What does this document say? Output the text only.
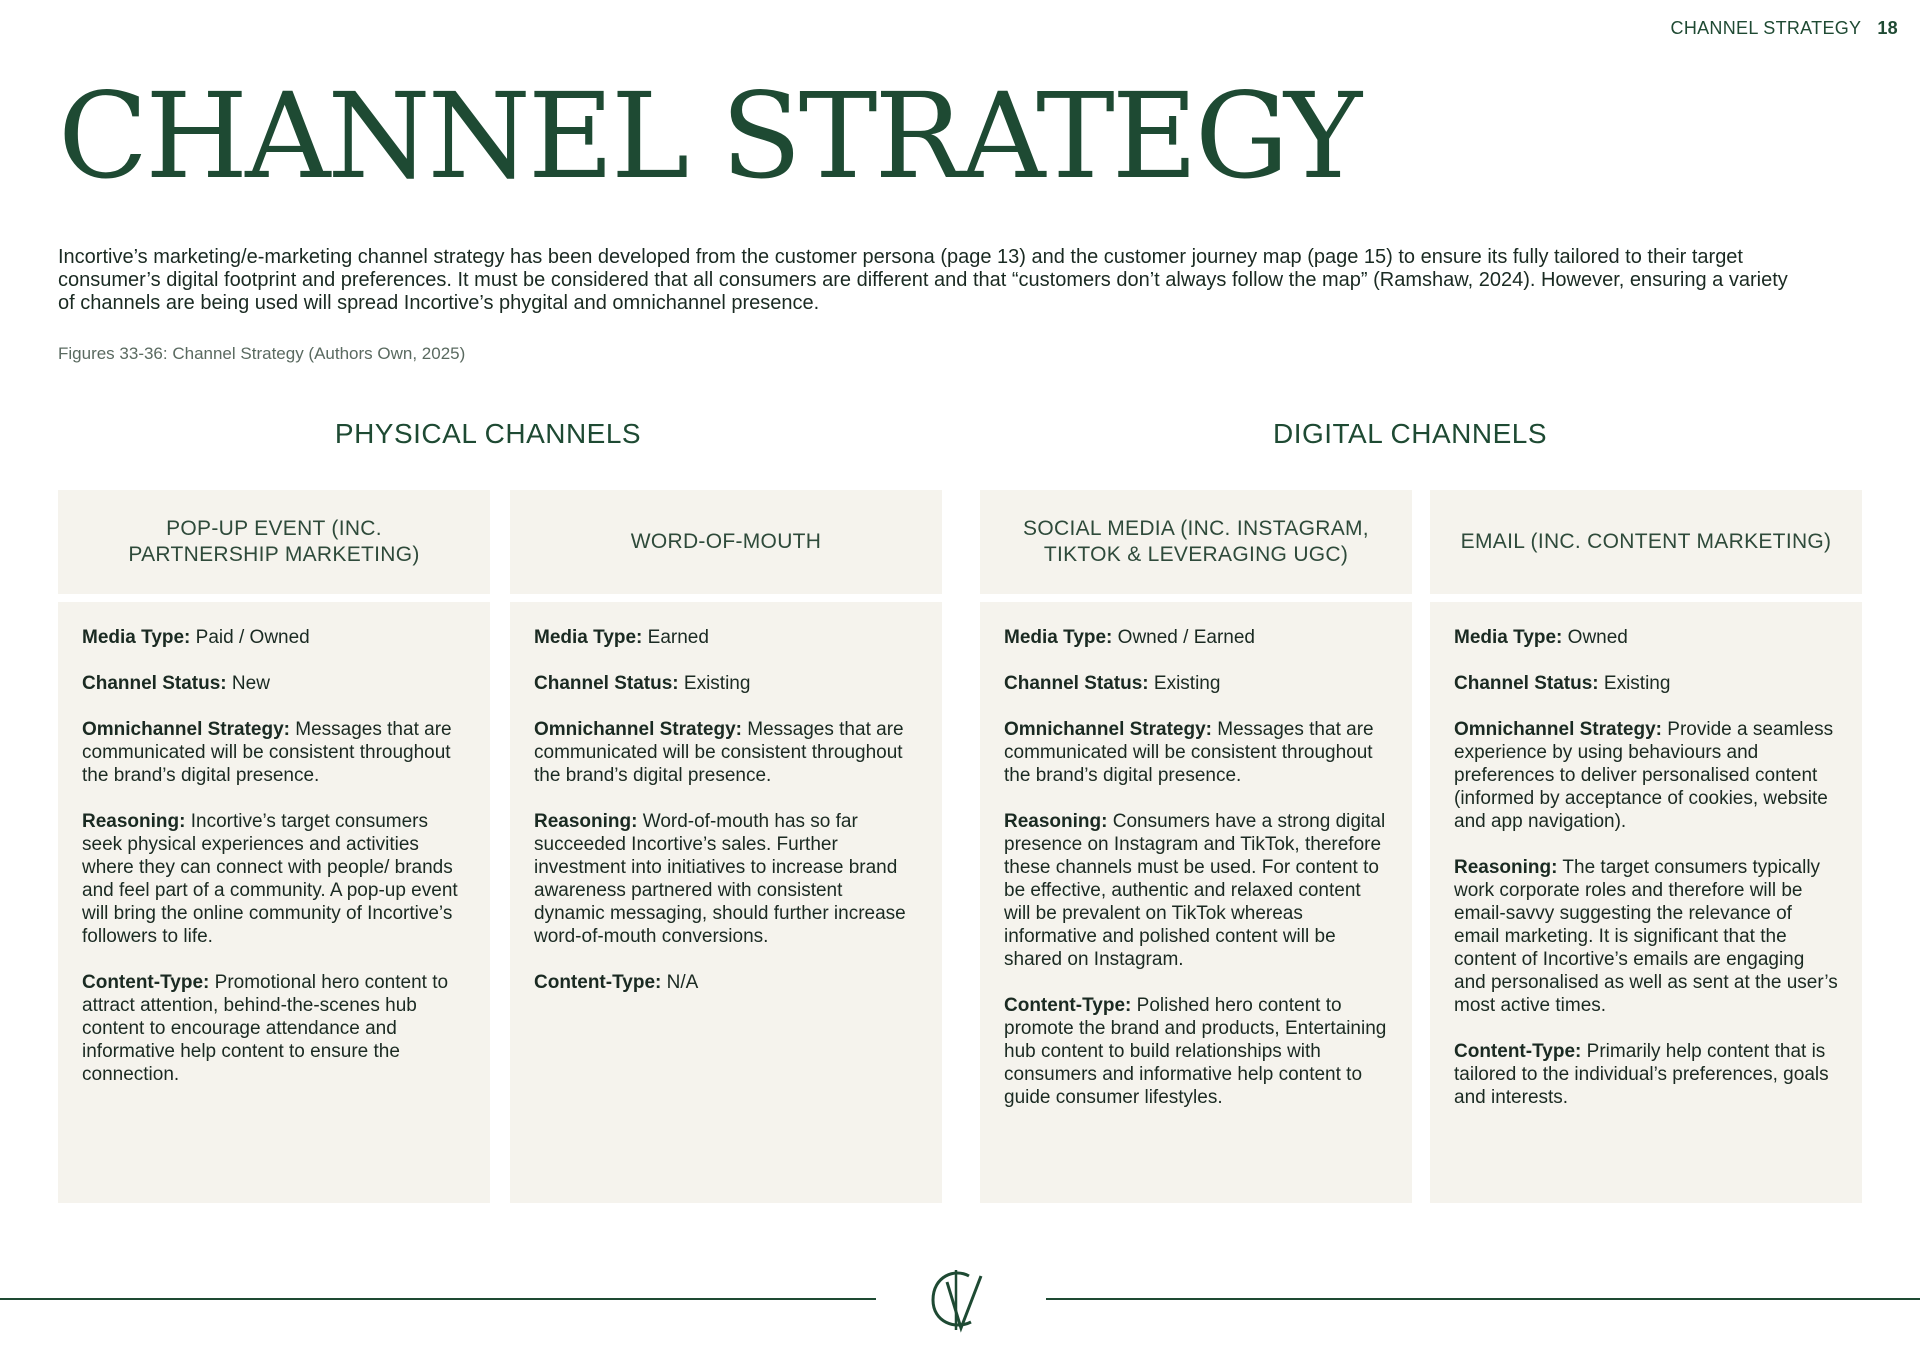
CHANNEL STRATEGY 18
CHANNEL STRATEGY

Incortive’s marketing/e-marketing channel strategy has been developed from the customer persona (page 13) and the customer journey map (page 15) to ensure its fully tailored to their target consumer’s digital footprint and preferences. It must be considered that all consumers are different and that “customers don’t always follow the map” (Ramshaw, 2024). However, ensuring a variety of channels are being used will spread Incortive’s phygital and omnichannel presence.

Figures 33-36: Channel Strategy (Authors Own, 2025)

PHYSICAL CHANNELS	DIGITAL CHANNELS
POP-UP EVENT (INC. PARTNERSHIP MARKETING)

Media Type: Paid / Owned

Channel Status: New

Omnichannel Strategy: Messages that are communicated will be consistent throughout the brand’s digital presence.

Reasoning: Incortive’s target consumers seek physical experiences and activities where they can connect with people/ brands and feel part of a community. A pop-up event will bring the online community of Incortive’s followers to life.

Content-Type: Promotional hero content to attract attention, behind-the-scenes hub content to encourage attendance and informative help content to ensure the connection.

WORD-OF-MOUTH

Media Type: Earned

Channel Status: Existing

Omnichannel Strategy: Messages that are communicated will be consistent throughout the brand’s digital presence.

Reasoning: Word-of-mouth has so far succeeded Incortive’s sales. Further investment into initiatives to increase brand awareness partnered with consistent dynamic messaging, should further increase word-of-mouth conversions.

Content-Type: N/A

SOCIAL MEDIA (INC. INSTAGRAM, TIKTOK & LEVERAGING UGC)

Media Type: Owned / Earned

Channel Status: Existing

Omnichannel Strategy: Messages that are communicated will be consistent throughout the brand’s digital presence.

Reasoning: Consumers have a strong digital presence on Instagram and TikTok, therefore these channels must be used. For content to be effective, authentic and relaxed content will be prevalent on TikTok whereas informative and polished content will be shared on Instagram.

Content-Type: Polished hero content to promote the brand and products, Entertaining hub content to build relationships with consumers and informative help content to guide consumer lifestyles.

EMAIL (INC. CONTENT MARKETING)

Media Type: Owned

Channel Status: Existing

Omnichannel Strategy: Provide a seamless experience by using behaviours and preferences to deliver personalised content (informed by acceptance of cookies, website and app navigation).

Reasoning: The target consumers typically work corporate roles and therefore will be email-savvy suggesting the relevance of email marketing. It is significant that the content of Incortive’s emails are engaging and personalised as well as sent at the user’s most active times.

Content-Type: Primarily help content that is tailored to the individual’s preferences, goals and interests.
